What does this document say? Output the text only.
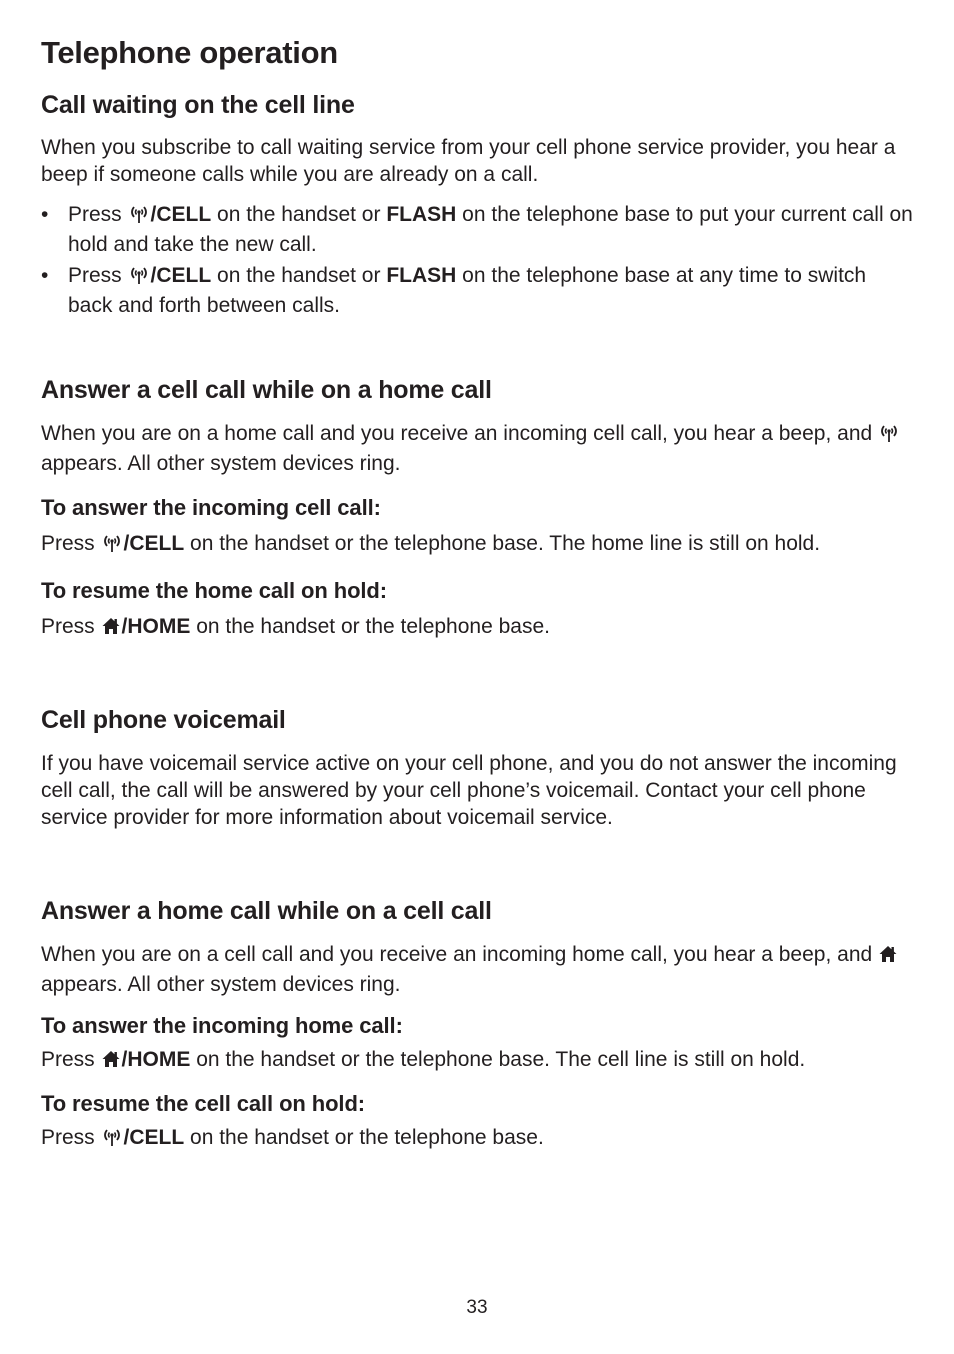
Telephone operation
Call waiting on the cell line
When you subscribe to call waiting service from your cell phone service provider, you hear a beep if someone calls while you are already on a call.
• Press /CELL on the handset or FLASH on the telephone base to put your current call on hold and take the new call.
• Press /CELL on the handset or FLASH on the telephone base at any time to switch back and forth between calls.
Answer a cell call while on a home call
When you are on a home call and you receive an incoming cell call, you hear a beep, and  appears. All other system devices ring.
To answer the incoming cell call:
Press /CELL on the handset or the telephone base. The home line is still on hold.
To resume the home call on hold:
Press /HOME on the handset or the telephone base.
Cell phone voicemail
If you have voicemail service active on your cell phone, and you do not answer the incoming cell call, the call will be answered by your cell phone’s voicemail. Contact your cell phone service provider for more information about voicemail service.
Answer a home call while on a cell call
When you are on a cell call and you receive an incoming home call, you hear a beep, and  appears. All other system devices ring.
To answer the incoming home call:
Press /HOME on the handset or the telephone base. The cell line is still on hold.
To resume the cell call on hold:
Press /CELL on the handset or the telephone base.
33
